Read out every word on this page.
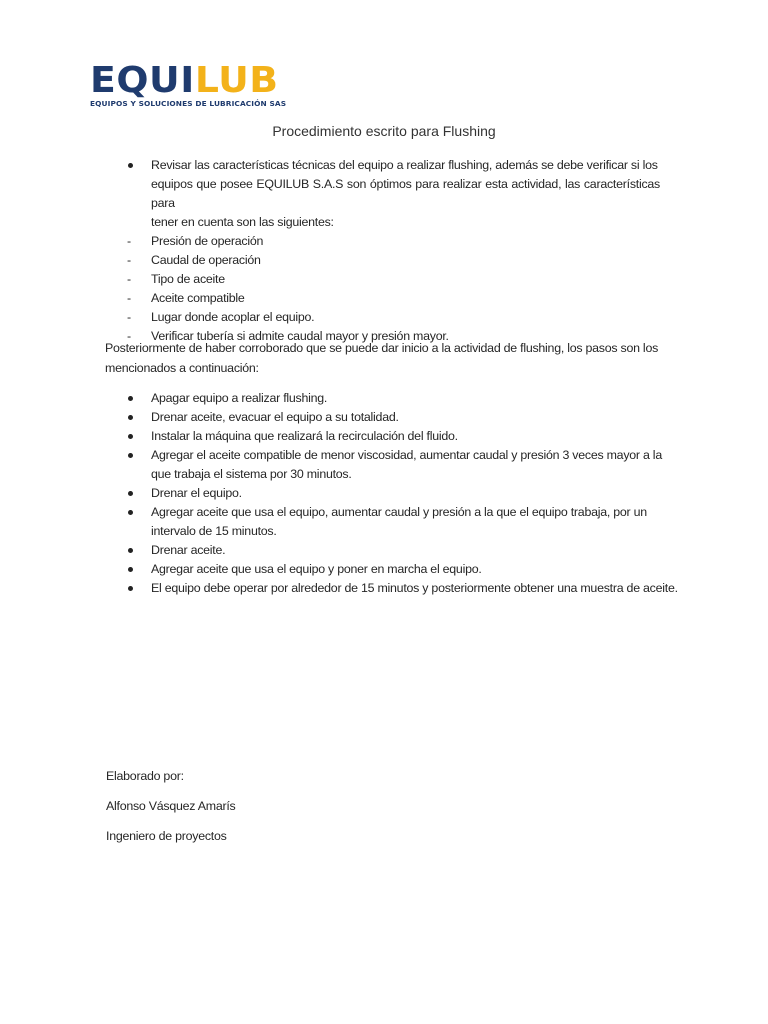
EQUILUB
EQUIPOS Y SOLUCIONES DE LUBRICACIÓN SAS
Procedimiento escrito para Flushing
Revisar las características técnicas del equipo a realizar flushing, además se debe verificar si los
equipos que posee EQUILUB S.A.S son óptimos para realizar esta actividad, las características para
tener en cuenta son las siguientes:
Presión de operación
Caudal de operación
Tipo de aceite
Aceite compatible
Lugar donde acoplar el equipo.
Verificar tubería si admite caudal mayor y presión mayor.
Posteriormente de haber corroborado que se puede dar inicio a la actividad de flushing, los pasos son los
mencionados a continuación:
Apagar equipo a realizar flushing.
Drenar aceite, evacuar el equipo a su totalidad.
Instalar la máquina que realizará la recirculación del fluido.
Agregar el aceite compatible de menor viscosidad, aumentar caudal y presión 3 veces mayor a la
que trabaja el sistema por 30 minutos.
Drenar el equipo.
Agregar aceite que usa el equipo, aumentar caudal y presión a la que el equipo trabaja, por un
intervalo de 15 minutos.
Drenar aceite.
Agregar aceite que usa el equipo y poner en marcha el equipo.
El equipo debe operar por alrededor de 15 minutos y posteriormente obtener una muestra de aceite.
Elaborado por:
Alfonso Vásquez Amarís
Ingeniero de proyectos
